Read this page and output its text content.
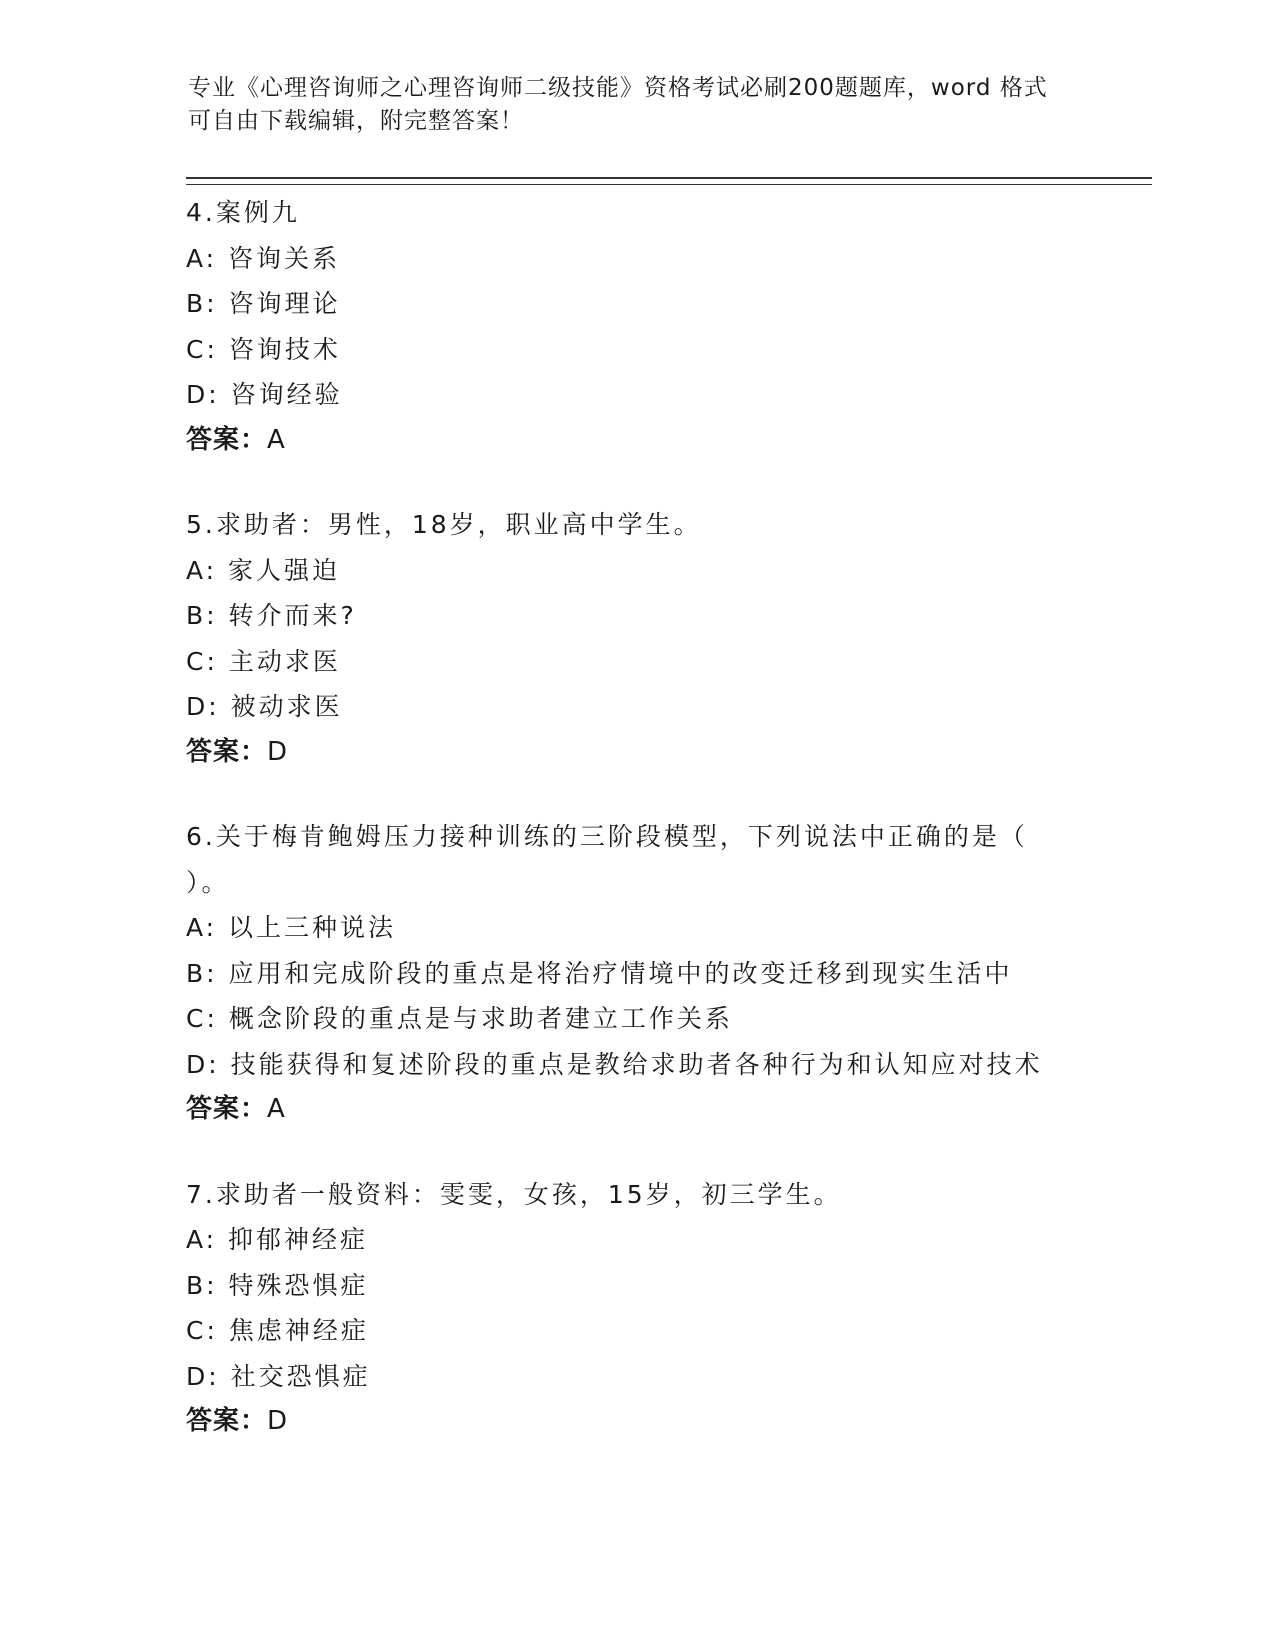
专业《心理咨询师之心理咨询师二级技能》资格考试必刷200题题库，word 格式
可自由下载编辑，附完整答案！
4.案例九
A: 咨询关系
B: 咨询理论
C: 咨询技术
D: 咨询经验
答案：A
5.求助者：男性，18岁，职业高中学生。
A: 家人强迫
B: 转介而来?
C: 主动求医
D: 被动求医
答案：D
6.关于梅肯鲍姆压力接种训练的三阶段模型，下列说法中正确的是（
）。
A: 以上三种说法
B: 应用和完成阶段的重点是将治疗情境中的改变迁移到现实生活中
C: 概念阶段的重点是与求助者建立工作关系
D: 技能获得和复述阶段的重点是教给求助者各种行为和认知应对技术
答案：A
7.求助者一般资料：雯雯，女孩，15岁，初三学生。
A: 抑郁神经症
B: 特殊恐惧症
C: 焦虑神经症
D: 社交恐惧症
答案：D
